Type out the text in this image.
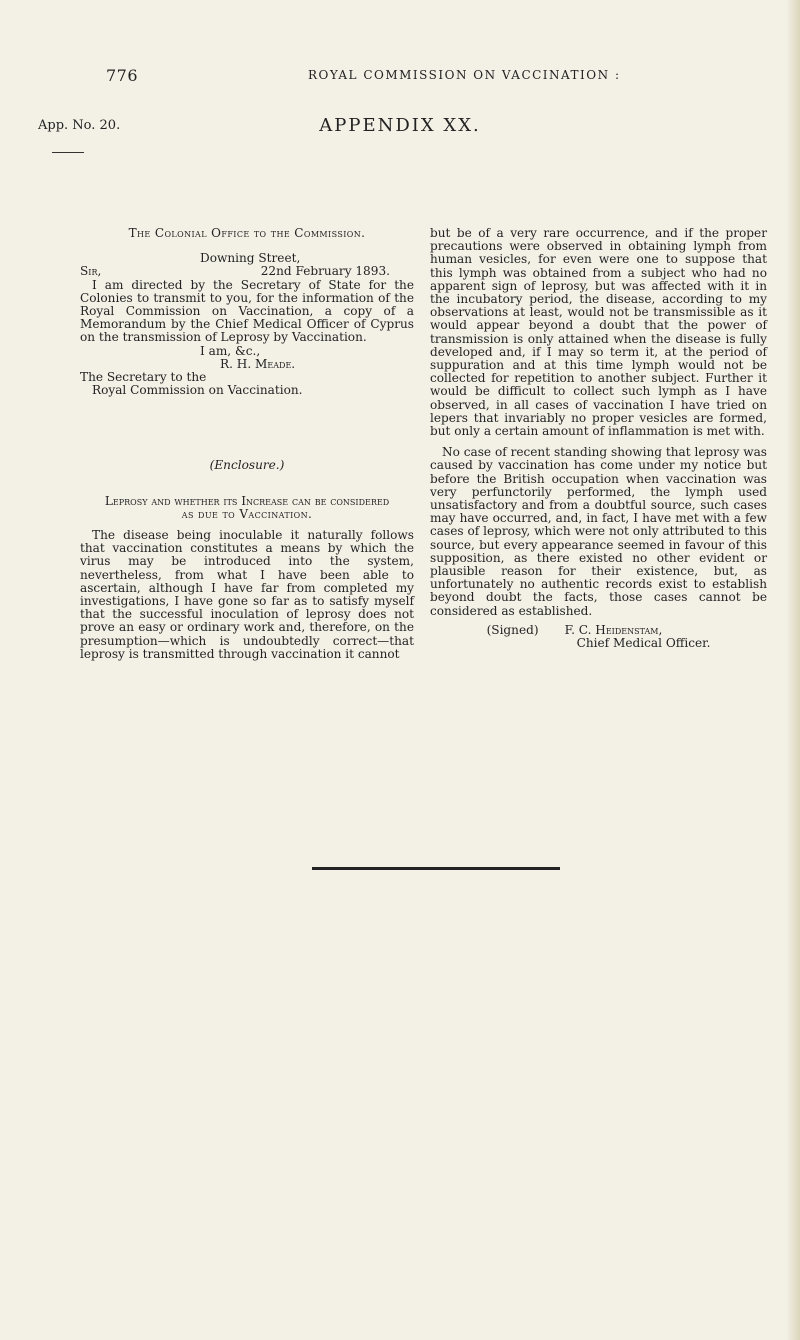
776	ROYAL COMMISSION ON VACCINATION :
App. No. 20.	APPENDIX XX.

The Colonial Office to the Commission.

Downing Street,

Sir,	22nd February 1893.

I am directed by the Secretary of State for the Colonies to transmit to you, for the information of the Royal Commission on Vaccination, a copy of a Memorandum by the Chief Medical Officer of Cyprus on the transmission of Leprosy by Vaccination.

I am, &c.,

R. H. Meade.

The Secretary to the

Royal Commission on Vaccination.

(Enclosure.)

Leprosy and whether its Increase can be considered

as due to Vaccination.

The disease being inoculable it naturally follows that vaccination constitutes a means by which the virus may be introduced into the system, nevertheless, from what I have been able to ascertain, although I have far from completed my investigations, I have gone so far as to satisfy myself that the successful inoculation of leprosy does not prove an easy or ordinary work and, therefore, on the presumption—which is undoubtedly correct—that leprosy is transmitted through vaccination it cannot

but be of a very rare occurrence, and if the proper precautions were observed in obtaining lymph from human vesicles, for even were one to suppose that this lymph was obtained from a subject who had no apparent sign of leprosy, but was affected with it in the incubatory period, the disease, according to my observations at least, would not be transmissible as it would appear beyond a doubt that the power of transmission is only attained when the disease is fully developed and, if I may so term it, at the period of suppuration and at this time lymph would not be collected for repetition to another subject. Further it would be difficult to collect such lymph as I have observed, in all cases of vaccination I have tried on lepers that invariably no proper vesicles are formed, but only a certain amount of inflammation is met with.

No case of recent standing showing that leprosy was caused by vaccination has come under my notice but before the British occupation when vaccination was very perfunctorily performed, the lymph used unsatisfactory and from a doubtful source, such cases may have occurred, and, in fact, I have met with a few cases of leprosy, which were not only attributed to this source, but every appearance seemed in favour of this supposition, as there existed no other evident or plausible reason for their existence, but, as unfortunately no authentic records exist to establish beyond doubt the facts, those cases cannot be considered as established.

(Signed) F. C. Heidenstam,
Chief Medical Officer.
